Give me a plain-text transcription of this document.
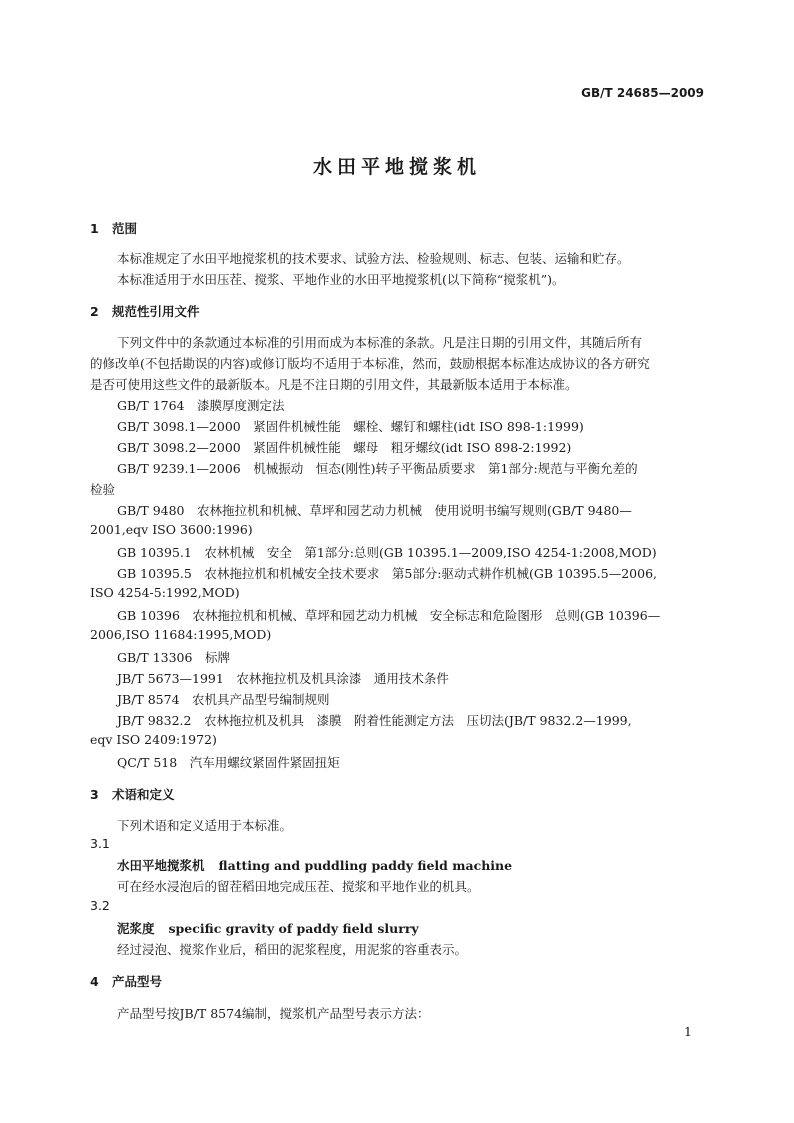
GB/T 24685—2009
水田平地搅浆机
1 范围
本标准规定了水田平地搅浆机的技术要求、试验方法、检验规则、标志、包装、运输和贮存。
本标准适用于水田压茬、搅浆、平地作业的水田平地搅浆机(以下简称“搅浆机”)。
2 规范性引用文件
下列文件中的条款通过本标准的引用而成为本标准的条款。凡是注日期的引用文件，其随后所有
的修改单(不包括勘误的内容)或修订版均不适用于本标准，然而，鼓励根据本标准达成协议的各方研究
是否可使用这些文件的最新版本。凡是不注日期的引用文件，其最新版本适用于本标准。
GB/T 1764　漆膜厚度测定法
GB/T 3098.1—2000　紧固件机械性能　螺栓、螺钉和螺柱(idt ISO 898-1:1999)
GB/T 3098.2—2000　紧固件机械性能　螺母　粗牙螺纹(idt ISO 898-2:1992)
GB/T 9239.1—2006　机械振动　恒态(刚性)转子平衡品质要求　第1部分:规范与平衡允差的
检验
GB/T 9480　农林拖拉机和机械、草坪和园艺动力机械　使用说明书编写规则(GB/T 9480—
2001,eqv ISO 3600:1996)
GB 10395.1　农林机械　安全　第1部分:总则(GB 10395.1—2009,ISO 4254-1:2008,MOD)
GB 10395.5　农林拖拉机和机械安全技术要求　第5部分:驱动式耕作机械(GB 10395.5—2006,
ISO 4254-5:1992,MOD)
GB 10396　农林拖拉机和机械、草坪和园艺动力机械　安全标志和危险图形　总则(GB 10396—
2006,ISO 11684:1995,MOD)
GB/T 13306　标牌
JB/T 5673—1991　农林拖拉机及机具涂漆　通用技术条件
JB/T 8574　农机具产品型号编制规则
JB/T 9832.2　农林拖拉机及机具　漆膜　附着性能测定方法　压切法(JB/T 9832.2—1999,
eqv ISO 2409:1972)
QC/T 518　汽车用螺纹紧固件紧固扭矩
3 术语和定义
下列术语和定义适用于本标准。
3.1
水田平地搅浆机 flatting and puddling paddy field machine
可在经水浸泡后的留茬稻田地完成压茬、搅浆和平地作业的机具。
3.2
泥浆度 specific gravity of paddy field slurry
经过浸泡、搅浆作业后，稻田的泥浆程度，用泥浆的容重表示。
4 产品型号
产品型号按JB/T 8574编制，搅浆机产品型号表示方法：
1
